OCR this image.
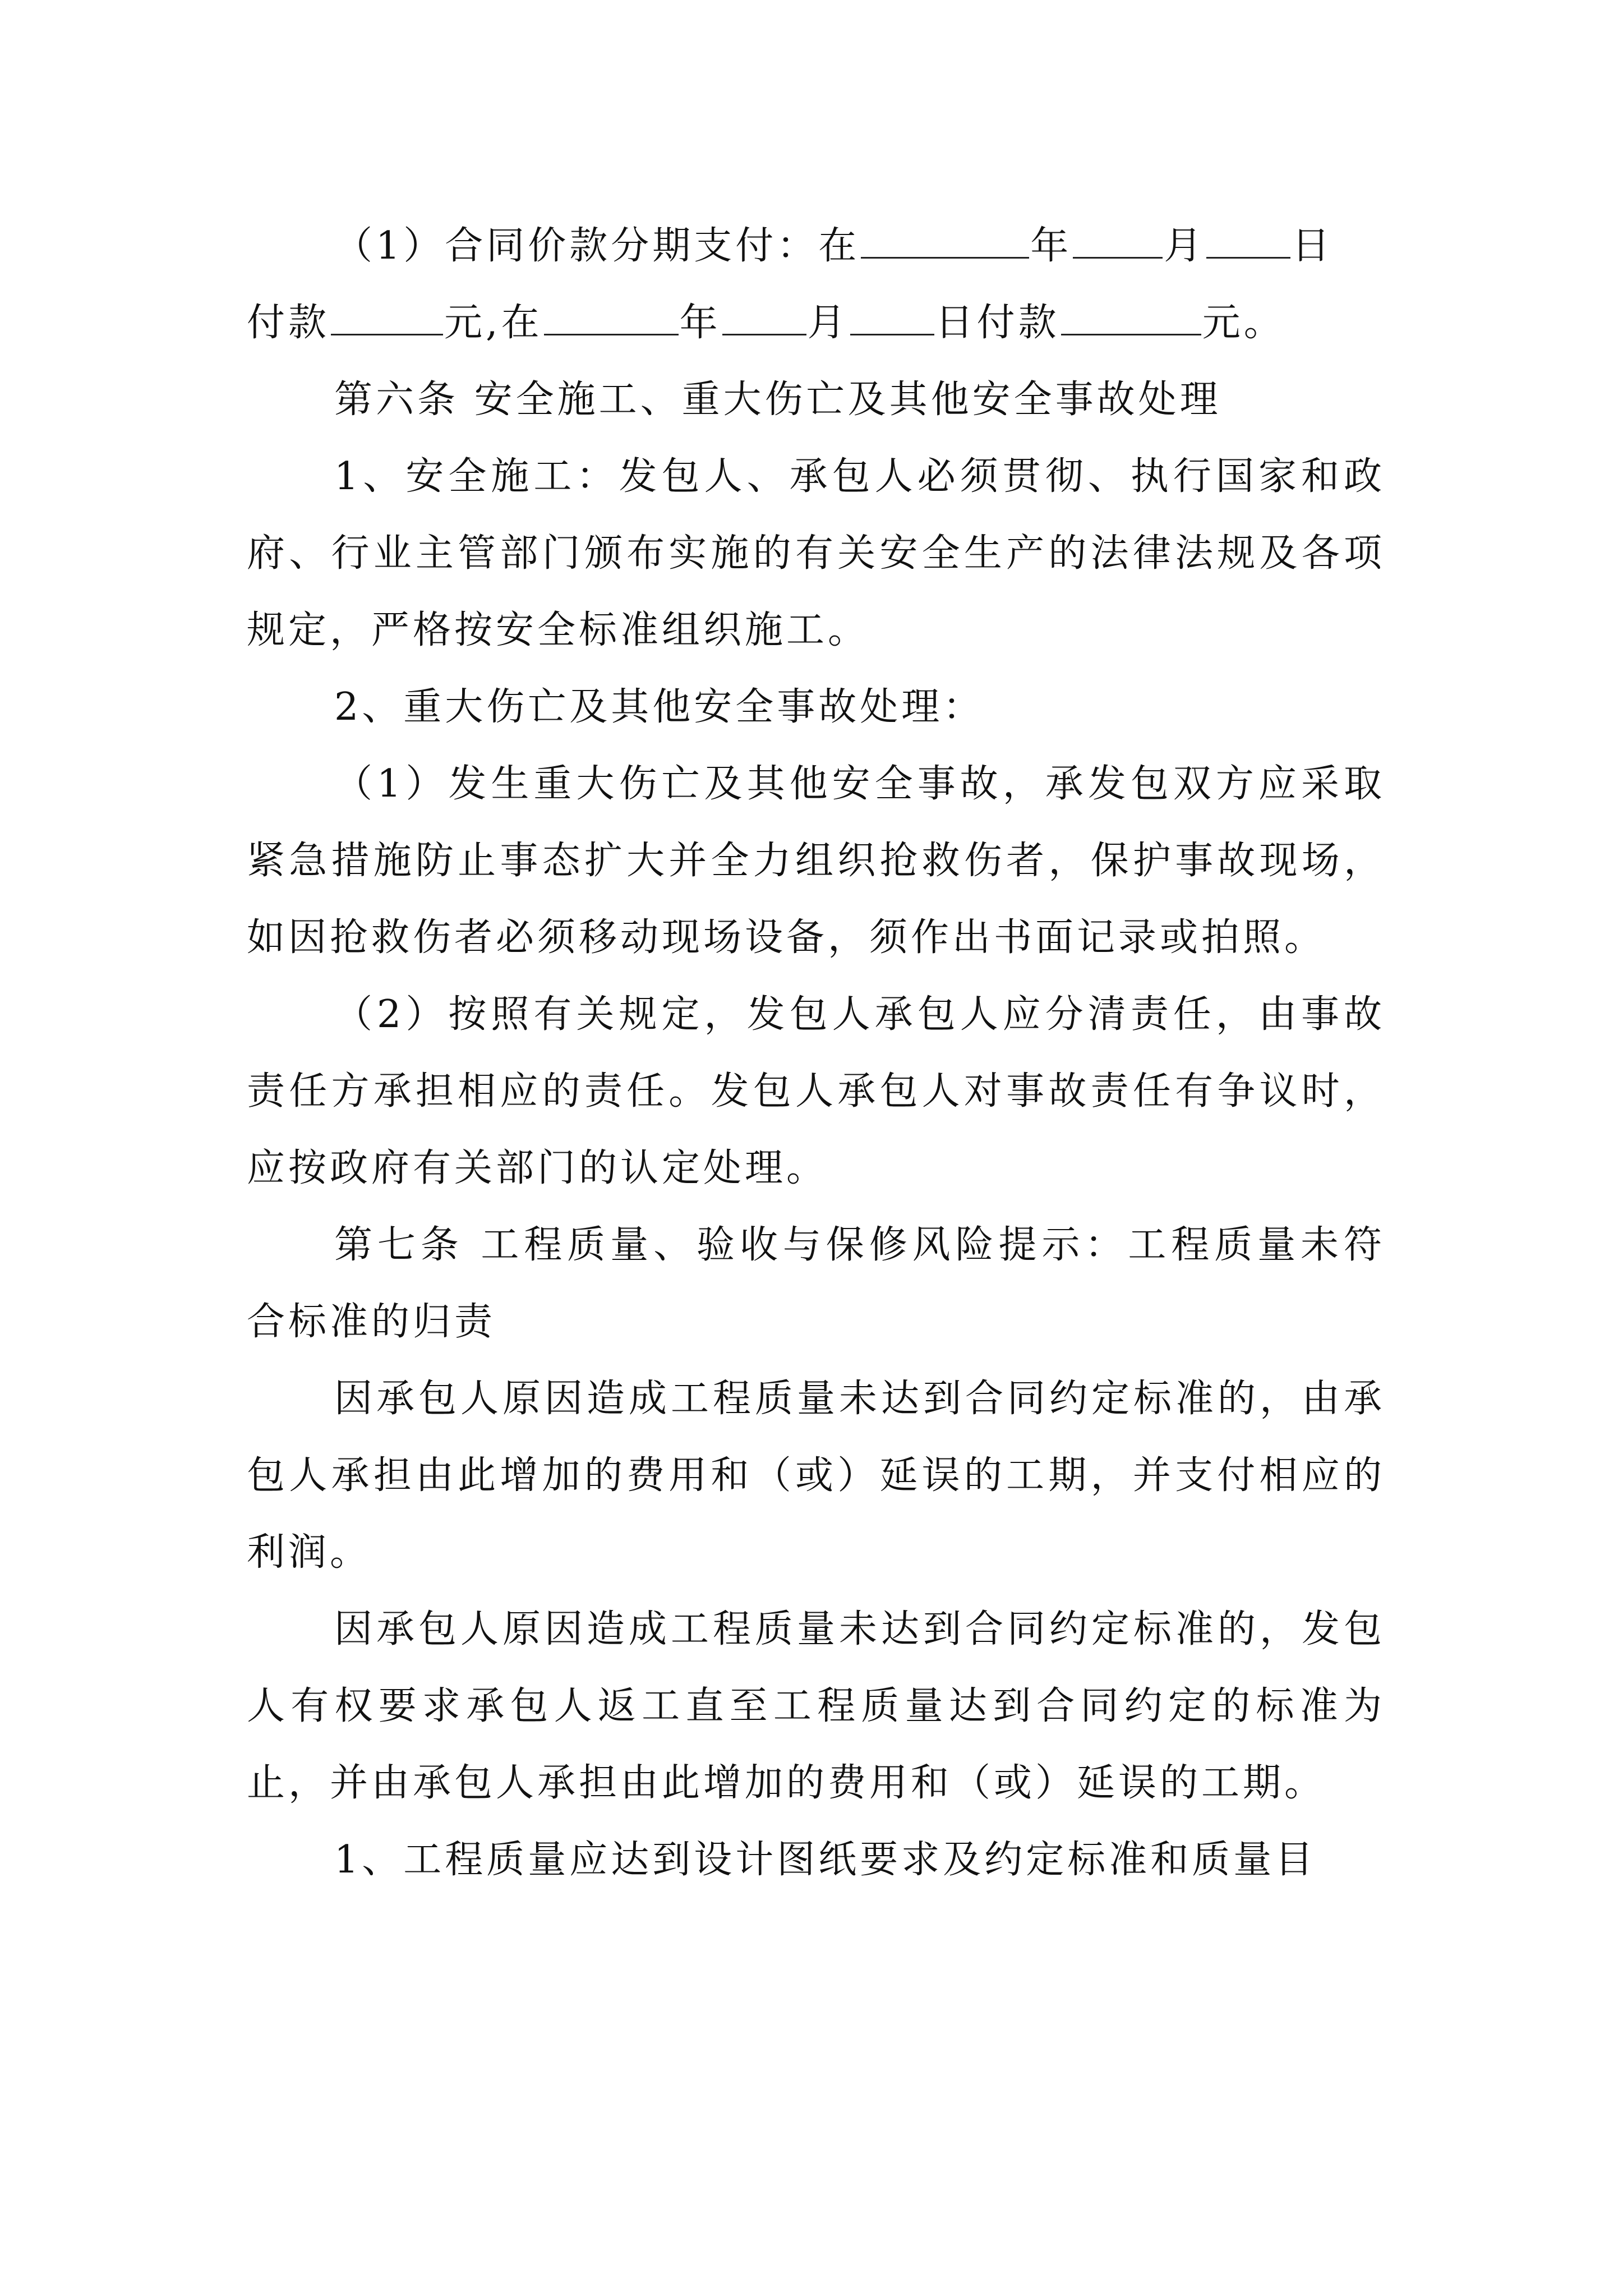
（1）合同价款分期支付：在	年 月 日

付款	元,在	年 月 日付款	元。

第六条 安全施工、重大伤亡及其他安全事故处理

1、安全施工：发包人、承包人必须贯彻、执行国家和政府、行业主管部门颁布实施的有关安全生产的法律法规及各项规定，严格按安全标准组织施工。

2、重大伤亡及其他安全事故处理：

（1）发生重大伤亡及其他安全事故，承发包双方应采取紧急措施防止事态扩大并全力组织抢救伤者，保护事故现场，如因抢救伤者必须移动现场设备，须作出书面记录或拍照。

（2）按照有关规定，发包人承包人应分清责任，由事故责任方承担相应的责任。发包人承包人对事故责任有争议时，应按政府有关部门的认定处理。

第七条 工程质量、验收与保修风险提示：工程质量未符合标准的归责

因承包人原因造成工程质量未达到合同约定标准的，由承包人承担由此增加的费用和（或）延误的工期，并支付相应的利润。

因承包人原因造成工程质量未达到合同约定标准的，发包人有权要求承包人返工直至工程质量达到合同约定的标准为止，并由承包人承担由此增加的费用和（或）延误的工期。

1、工程质量应达到设计图纸要求及约定标准和质量目
